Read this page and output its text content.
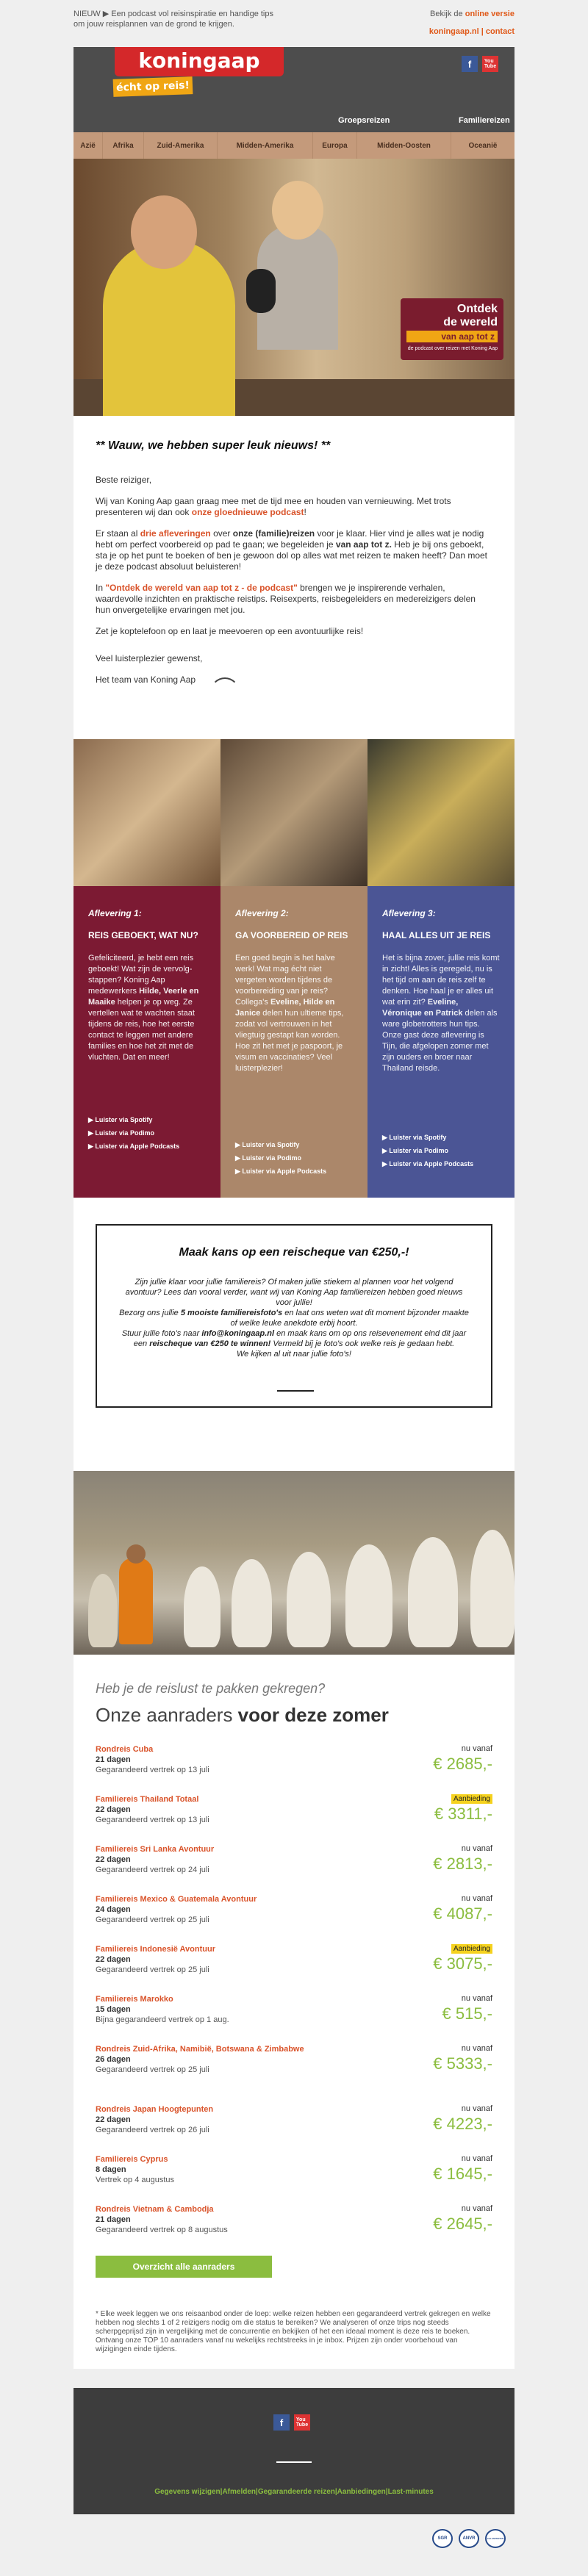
NIEUW ▶ Een podcast vol reisinspiratie en handige tips om jouw reisplannen van de grond te krijgen.
Bekijk de online versie
koningaap.nl | contact
kοningaap
écht op reis!
f	You
Tube
Groepsreizen	Familiereizen
Azië	Afrika	Zuid-Amerika	Midden-Amerika	Europa	Midden-Oosten	Oceanië
Ontdek
de wereld
van aap tot z
de podcast over reizen met Koning Aap
** Wauw, we hebben super leuk nieuws! **

Beste reiziger,

Wij van Koning Aap gaan graag mee met de tijd mee en houden van vernieuwing. Met trots presenteren wij dan ook onze gloednieuwe podcast!

Er staan al drie afleveringen over onze (familie)reizen voor je klaar. Hier vind je alles wat je nodig hebt om perfect voorbereid op pad te gaan; we begeleiden je van aap tot z. Heb je bij ons geboekt, sta je op het punt te boeken of ben je gewoon dol op alles wat met reizen te maken heeft? Dan moet je deze podcast absoluut beluisteren!

In "Ontdek de wereld van aap tot z - de podcast" brengen we je inspirerende verhalen, waardevolle inzichten en praktische reistips. Reisexperts, reisbegeleiders en medereizigers delen hun onvergetelijke ervaringen met jou.

Zet je koptelefoon op en laat je meevoeren op een avontuurlijke reis!

Veel luisterplezier gewenst,

Het team van Koning Aap

Aflevering 1:
REIS GEBOEKT, WAT NU?
Gefeliciteerd, je hebt een reis geboekt! Wat zijn de vervolg-stappen? Koning Aap medewerkers Hilde, Veerle en Maaike helpen je op weg. Ze vertellen wat te wachten staat tijdens de reis, hoe het eerste contact te leggen met andere families en hoe het zit met de vluchten. Dat en meer!
▶ Luister via Spotify
▶ Luister via Podimo
▶ Luister via Apple Podcasts
Aflevering 2:
GA VOORBEREID OP REIS
Een goed begin is het halve werk! Wat mag écht niet vergeten worden tijdens de voorbereiding van je reis? Collega's Eveline, Hilde en Janice delen hun ultieme tips, zodat vol vertrouwen in het vliegtuig gestapt kan worden. Hoe zit het met je paspoort, je visum en vaccinaties? Veel luisterplezier!
▶ Luister via Spotify
▶ Luister via Podimo
▶ Luister via Apple Podcasts
Aflevering 3:
HAAL ALLES UIT JE REIS
Het is bijna zover, jullie reis komt in zicht! Alles is geregeld, nu is het tijd om aan de reis zelf te denken. Hoe haal je er alles uit wat erin zit? Eveline, Véronique en Patrick delen als ware globetrotters hun tips. Onze gast deze aflevering is Tijn, die afgelopen zomer met zijn ouders en broer naar Thailand reisde.
▶ Luister via Spotify
▶ Luister via Podimo
▶ Luister via Apple Podcasts
Maak kans op een reischeque van €250,-!

Zijn jullie klaar voor jullie familiereis? Of maken jullie stiekem al plannen voor het volgend avontuur? Lees dan vooral verder, want wij van Koning Aap familiereizen hebben goed nieuws voor jullie!

Bezorg ons jullie 5 mooiste familiereisfoto's en laat ons weten wat dit moment bijzonder maakte of welke leuke anekdote erbij hoort.

Stuur jullie foto's naar info@koningaap.nl en maak kans om op ons reisevenement eind dit jaar een reischeque van €250 te winnen! Vermeld bij je foto's ook welke reis je gedaan hebt.

We kijken al uit naar jullie foto's!

Heb je de reislust te pakken gekregen?
Onze aanraders voor deze zomer
Rondreis Cuba
21 dagen
Gegarandeerd vertrek op 13 juli
nu vanaf
€ 2685,-
Familiereis Thailand Totaal
22 dagen
Gegarandeerd vertrek op 13 juli
Aanbieding
€ 3311,-
Familiereis Sri Lanka Avontuur
22 dagen
Gegarandeerd vertrek op 24 juli
nu vanaf
€ 2813,-
Familiereis Mexico & Guatemala Avontuur
24 dagen
Gegarandeerd vertrek op 25 juli
nu vanaf
€ 4087,-
Familiereis Indonesië Avontuur
22 dagen
Gegarandeerd vertrek op 25 juli
Aanbieding
€ 3075,-
Familiereis Marokko
15 dagen
Bijna gegarandeerd vertrek op 1 aug.
nu vanaf
€ 515,-
Rondreis Zuid-Afrika, Namibië, Botswana & Zimbabwe
26 dagen
Gegarandeerd vertrek op 25 juli
nu vanaf
€ 5333,-
Rondreis Japan Hoogtepunten
22 dagen
Gegarandeerd vertrek op 26 juli
nu vanaf
€ 4223,-
Familiereis Cyprus
8 dagen
Vertrek op 4 augustus
nu vanaf
€ 1645,-
Rondreis Vietnam & Cambodja
21 dagen
Gegarandeerd vertrek op 8 augustus
nu vanaf
€ 2645,-
Overzicht alle aanraders
* Elke week leggen we ons reisaanbod onder de loep: welke reizen hebben een gegarandeerd vertrek gekregen en welke hebben nog slechts 1 of 2 reizigers nodig om die status te bereiken? We analyseren of onze trips nog steeds scherpgeprijsd zijn in vergelijking met de concurrentie en bekijken of het een ideaal moment is deze reis te boeken. Ontvang onze TOP 10 aanraders vanaf nu wekelijks rechtstreeks in je inbox. Prijzen zijn onder voorbehoud van wijzigingen einde tijdens.
f	You
Tube
Gegevens wijzigen|Afmelden|Gegarandeerde reizen|Aanbiedingen|Last-minutes
SGR	ANVR	CALAMITEITEN
